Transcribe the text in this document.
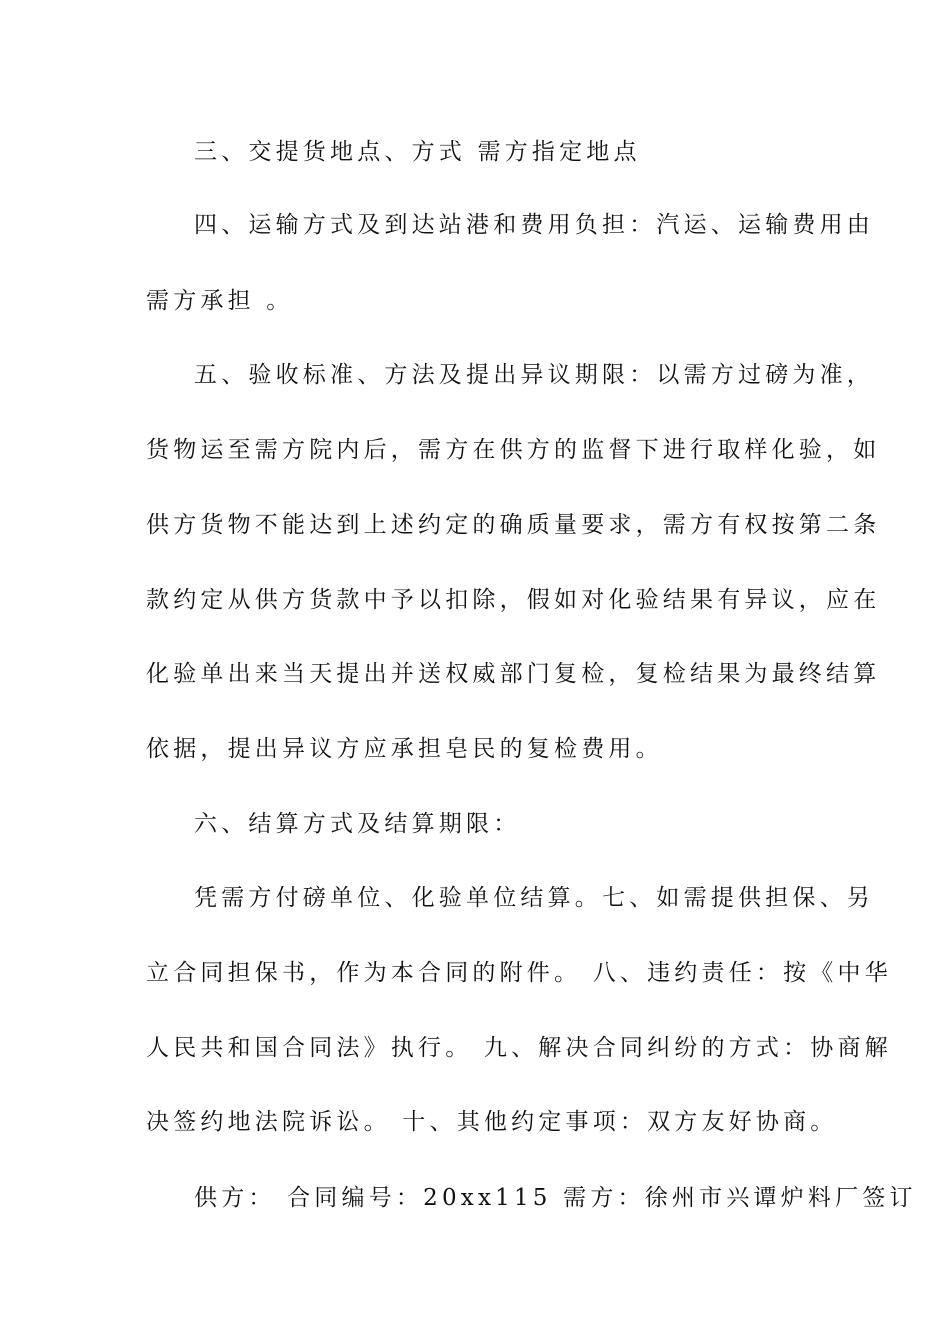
三、交提货地点、方式 需方指定地点
四、运输方式及到达站港和费用负担：汽运、运输费用由
需方承担 。
五、验收标准、方法及提出异议期限：以需方过磅为准，
货物运至需方院内后，需方在供方的监督下进行取样化验，如
供方货物不能达到上述约定的确质量要求，需方有权按第二条
款约定从供方货款中予以扣除，假如对化验结果有异议，应在
化验单出来当天提出并送权威部门复检，复检结果为最终结算
依据，提出异议方应承担皂民的复检费用。
六、结算方式及结算期限：
凭需方付磅单位、化验单位结算。七、如需提供担保、另
立合同担保书，作为本合同的附件。 八、违约责任：按《中华
人民共和国合同法》执行。 九、解决合同纠纷的方式：协商解
决签约地法院诉讼。 十、其他约定事项：双方友好协商。
供方： 合同编号：20xx115 需方：徐州市兴谭炉料厂签订
